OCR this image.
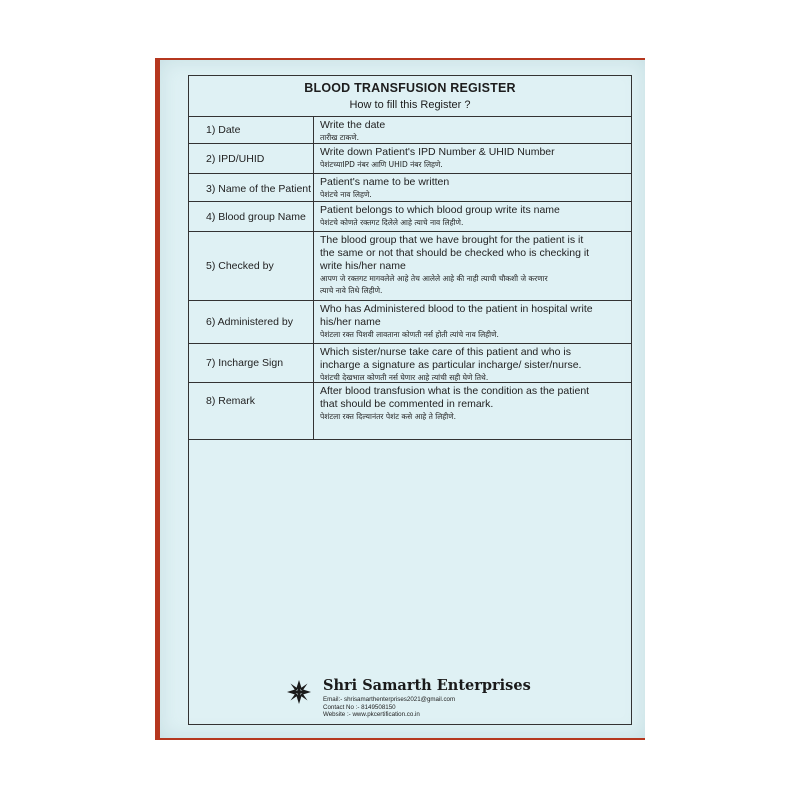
BLOOD TRANSFUSION REGISTER
How to fill this Register ?
1) Date	Write the date
तारीख टाकणे.
2) IPD/UHID
Write down Patient's IPD Number & UHID Number
पेशंटच्याIPD नंबर आणि UHID नंबर लिहणे.
3) Name of the Patient
Patient's name to be written
पेशंटचे नाव लिहणे.
4) Blood group Name
Patient belongs to which blood group write its name
पेशंटचे कोणते रक्तगट दिलेले आहे त्याचे नाव लिहीणे.
5) Checked by
The blood group that we have brought for the patient is it
the same or not that should be checked who is checking it
write his/her name
आपण जे रक्तगट मागवलेले आहे तेच आलेले आहे की नाही त्याची चौकशी जे करणार
त्याचे नावे तिथे लिहीणे.
6) Administered by
Who has Administered blood to the patient in hospital write
his/her name
पेशंटला रक्त पिशवी लावताना कोणती नर्स होती त्यांचे नाव लिहीणे.
7) Incharge Sign
Which sister/nurse take care of this patient and who is
incharge a signature as particular incharge/ sister/nurse.
पेशंटची देखभाल कोणती नर्स घेणार आहे त्यांची सही घेणे तिथे.
8) Remark
After blood transfusion what is the condition as the patient
that should be commented in remark.
पेशंटला रक्त दिल्यानंतर पेशंट कसे आहे ते लिहीणे.
Shri Samarth Enterprises
Email:- shrisamarthenterprises2021@gmail.com
Contact No :- 8149508150
Website :- www.pkcertification.co.in
